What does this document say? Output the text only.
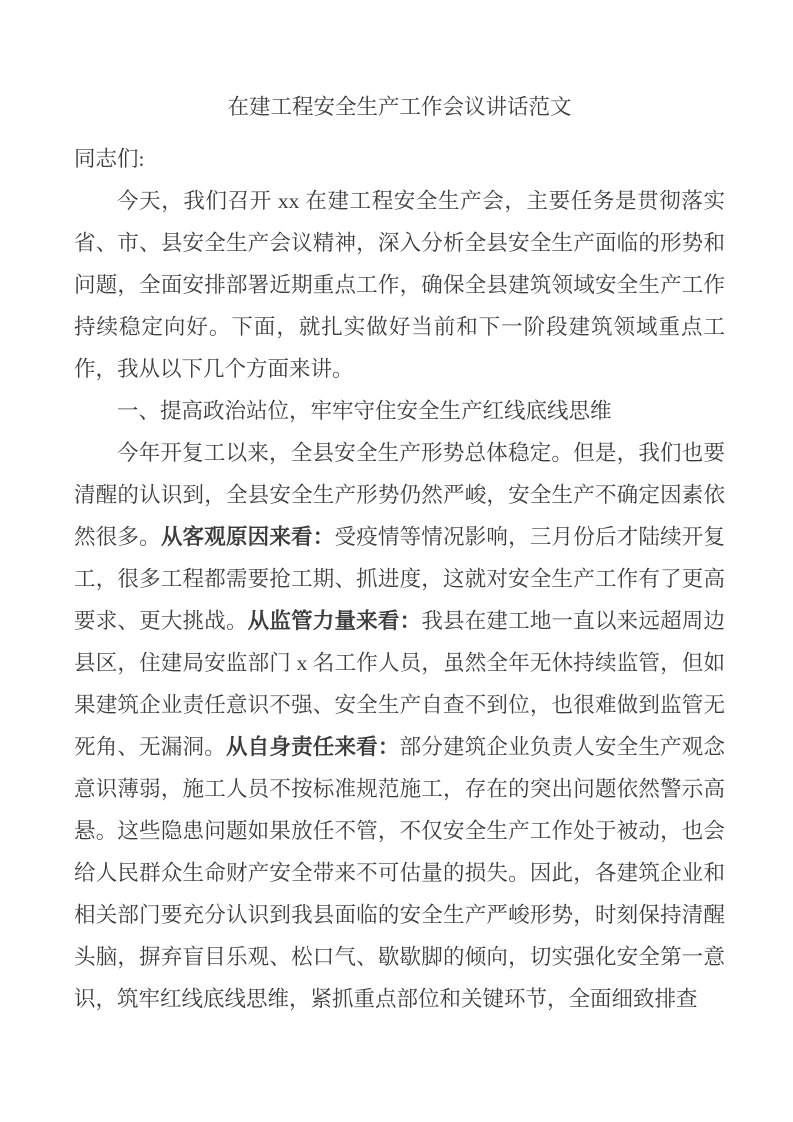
在建工程安全生产工作会议讲话范文

同志们:

今天，我们召开 xx 在建工程安全生产会，主要任务是贯彻落实省、市、县安全生产会议精神，深入分析全县安全生产面临的形势和问题，全面安排部署近期重点工作，确保全县建筑领域安全生产工作持续稳定向好。下面，就扎实做好当前和下一阶段建筑领域重点工作，我从以下几个方面来讲。

一、提高政治站位，牢牢守住安全生产红线底线思维

今年开复工以来，全县安全生产形势总体稳定。但是，我们也要清醒的认识到，全县安全生产形势仍然严峻，安全生产不确定因素依然很多。从客观原因来看：受疫情等情况影响，三月份后才陆续开复工，很多工程都需要抢工期、抓进度，这就对安全生产工作有了更高要求、更大挑战。从监管力量来看：我县在建工地一直以来远超周边县区，住建局安监部门 x 名工作人员，虽然全年无休持续监管，但如果建筑企业责任意识不强、安全生产自查不到位，也很难做到监管无死角、无漏洞。从自身责任来看：部分建筑企业负责人安全生产观念意识薄弱，施工人员不按标准规范施工，存在的突出问题依然警示高悬。这些隐患问题如果放任不管，不仅安全生产工作处于被动，也会给人民群众生命财产安全带来不可估量的损失。因此，各建筑企业和相关部门要充分认识到我县面临的安全生产严峻形势，时刻保持清醒头脑，摒弃盲目乐观、松口气、歇歇脚的倾向，切实强化安全第一意识，筑牢红线底线思维，紧抓重点部位和关键环节，全面细致排查
